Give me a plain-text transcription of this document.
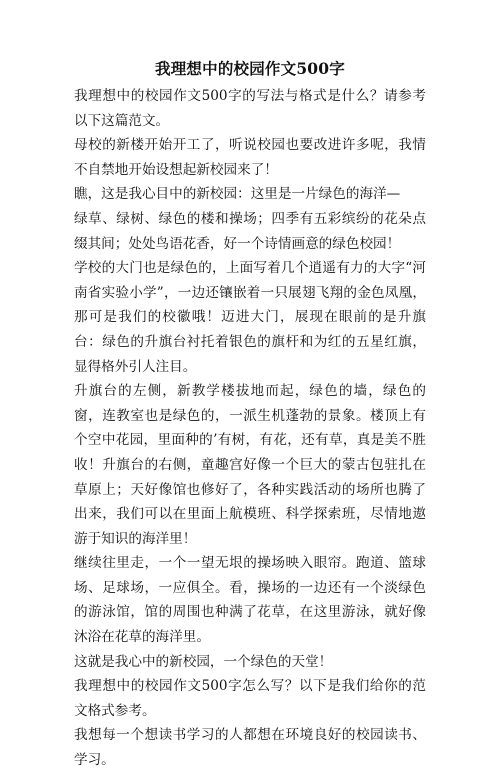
我理想中的校园作文500字

我理想中的校园作文500字的写法与格式是什么？请参考以下这篇范文。

母校的新楼开始开工了，听说校园也要改进许多呢，我情不自禁地开始设想起新校园来了！

瞧，这是我心目中的新校园：这里是一片绿色的海洋—

绿草、绿树、绿色的楼和操场；四季有五彩缤纷的花朵点缀其间；处处鸟语花香，好一个诗情画意的绿色校园！

学校的大门也是绿色的，上面写着几个逍遥有力的大字“河南省实验小学”，一边还镶嵌着一只展翅飞翔的金色凤凰，那可是我们的校徽哦！迈进大门，展现在眼前的是升旗台：绿色的升旗台衬托着银色的旗杆和为红的五星红旗，显得格外引人注目。

升旗台的左侧，新教学楼拔地而起，绿色的墙，绿色的窗，连教室也是绿色的，一派生机蓬勃的景象。楼顶上有个空中花园，里面种的’有树，有花，还有草，真是美不胜收！升旗台的右侧，童趣宫好像一个巨大的蒙古包驻扎在草原上；天好像馆也修好了，各种实践活动的场所也腾了出来，我们可以在里面上航模班、科学探索班，尽情地遨游于知识的海洋里！

继续往里走，一个一望无垠的操场映入眼帘。跑道、篮球场、足球场，一应俱全。看，操场的一边还有一个淡绿色的游泳馆，馆的周围也种满了花草，在这里游泳，就好像沐浴在花草的海洋里。

这就是我心中的新校园，一个绿色的天堂！

我理想中的校园作文500字怎么写？以下是我们给你的范文格式参考。

我想每一个想读书学习的人都想在环境良好的校园读书、学习。
